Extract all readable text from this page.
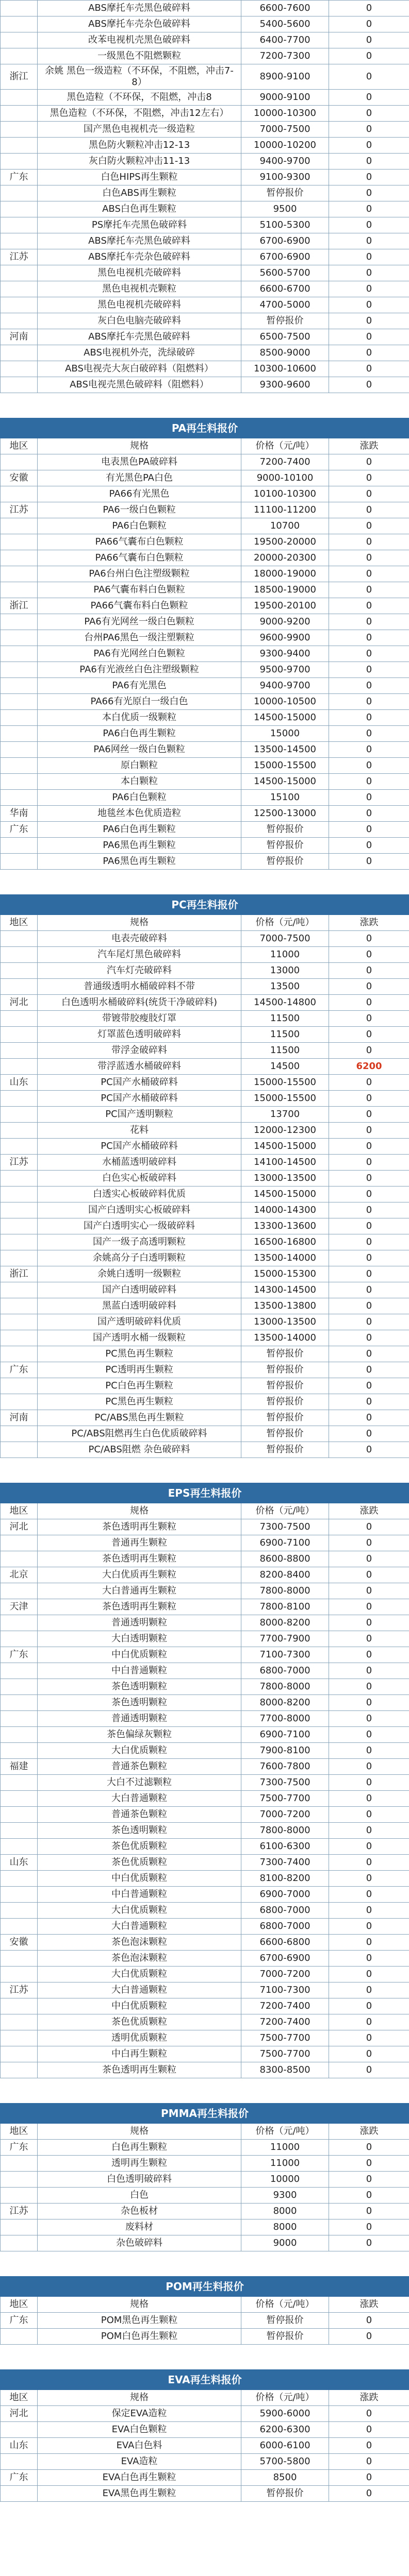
	ABS摩托车壳黑色破碎料	6600-7600	0
	ABS摩托车壳杂色破碎料	5400-5600	0
	改苯电视机壳黑色破碎料	6400-7700	0
	一级黑色不阻燃颗粒	7200-7300	0
浙江	余姚 黑色一级造粒（不环保，不阻燃，冲击7-8）	8900-9100	0
	黑色造粒（不环保，不阻燃，冲击8	9000-9100	0
	黑色造粒（不环保，不阻燃，冲击12左右）	10000-10300	0
	国产黑色电视机壳一级造粒	7000-7500	0
	黑色防火颗粒冲击12-13	10000-10200	0
	灰白防火颗粒冲击11-13	9400-9700	0
广东	白色HIPS再生颗粒	9100-9300	0
	白色ABS再生颗粒	暂停报价	0
	ABS白色再生颗粒	9500	0
	PS摩托车壳黑色破碎料	5100-5300	0
	ABS摩托车壳黑色破碎料	6700-6900	0
江苏	ABS摩托车壳杂色破碎料	6700-6900	0
	黑色电视机壳破碎料	5600-5700	0
	黑色电视机壳颗粒	6600-6700	0
	黑色电视机壳破碎料	4700-5000	0
	灰白色电脑壳破碎料	暂停报价	0
河南	ABS摩托车壳黑色破碎料	6500-7500	0
	ABS电视机外壳，洗绿破碎	8500-9000	0
	ABS电视壳大灰白破碎料（阻燃料）	10300-10600	0
	ABS电视壳黑色破碎料（阻燃料）	9300-9600	0

PA再生料报价			
地区	规格	价格（元/吨）	涨跌
	电表黑色PA破碎料	7200-7400	0
安徽	有光黑色PA白色	9000-10100	0
	PA66有光黑色	10100-10300	0
江苏	PA6一级白色颗粒	11100-11200	0
	PA6白色颗粒	10700	0
	PA66气囊布白色颗粒	19500-20000	0
	PA66气囊布白色颗粒	20000-20300	0
	PA6台州白色注塑级颗粒	18000-19000	0
	PA6气囊布料白色颗粒	18500-19000	0
浙江	PA66气囊布料白色颗粒	19500-20100	0
	PA6有光网丝一级白色颗粒	9000-9200	0
	台州PA6黑色一级注塑颗粒	9600-9900	0
	PA6有光网丝白色颗粒	9300-9400	0
	PA6有光液丝白色注塑级颗粒	9500-9700	0
	PA6有光黑色	9400-9700	0
	PA66有光原白一级白色	10000-10500	0
	本白优质一级颗粒	14500-15000	0
	PA6白色再生颗粒	15000	0
	PA6网丝一级白色颗粒	13500-14500	0
	原白颗粒	15000-15500	0
	本白颗粒	14500-15000	0
	PA6白色颗粒	15100	0
华南	地毯丝本色优质造粒	12500-13000	0
广东	PA6白色再生颗粒	暂停报价	0
	PA6黑色再生颗粒	暂停报价	0
	PA6黑色再生颗粒	暂停报价	0

PC再生料报价			
地区	规格	价格（元/吨）	涨跌
	电表壳破碎料	7000-7500	0
	汽车尾灯黑色破碎料	11000	0
	汽车灯壳破碎料	13000	0
	普通级透明水桶破碎料不带	13500	0
河北	白色透明水桶破碎料(统货干净破碎料)	14500-14800	0
	带镀带胶瘦肢灯罩	11500	0
	灯罩蓝色透明破碎料	11500	0
	带浮金破碎料	11500	0
	带浮蓝透水桶破碎料	14500	6200
山东	PC国产水桶破碎料	15000-15500	0
	PC国产水桶破碎料	15000-15500	0
	PC国产透明颗粒	13700	0
	花料	12000-12300	0
	PC国产水桶破碎料	14500-15000	0
江苏	水桶蓝透明破碎料	14100-14500	0
	白色实心板破碎料	13000-13500	0
	白透实心板破碎料优质	14500-15000	0
	国产白透明实心板破碎料	14000-14300	0
	国产白透明实心一级破碎料	13300-13600	0
	国产一级子高透明颗粒	16500-16800	0
	余姚高分子白透明颗粒	13500-14000	0
浙江	余姚白透明一级颗粒	15000-15300	0
	国产白透明破碎料	14300-14500	0
	黑蓝白透明破碎料	13500-13800	0
	国产透明破碎料优质	13000-13500	0
	国产透明水桶一级颗粒	13500-14000	0
	PC黑色再生颗粒	暂停报价	0
广东	PC透明再生颗粒	暂停报价	0
	PC白色再生颗粒	暂停报价	0
	PC黑色再生颗粒	暂停报价	0
河南	PC/ABS黑色再生颗粒	暂停报价	0
	PC/ABS阻燃再生白色优质破碎料	暂停报价	0
	PC/ABS阻燃 杂色破碎料	暂停报价	0

EPS再生料报价			
地区	规格	价格（元/吨）	涨跌
河北	茶色透明再生颗粒	7300-7500	0
	普通再生颗粒	6900-7100	0
	茶色透明再生颗粒	8600-8800	0
北京	大白优质再生颗粒	8200-8400	0
	大白普通再生颗粒	7800-8000	0
天津	茶色透明再生颗粒	7800-8100	0
	普通透明颗粒	8000-8200	0
	大白透明颗粒	7700-7900	0
广东	中白优质颗粒	7100-7300	0
	中白普通颗粒	6800-7000	0
	茶色透明颗粒	7800-8000	0
	茶色透明颗粒	8000-8200	0
	普通透明颗粒	7700-8000	0
	茶色偏绿灰颗粒	6900-7100	0
	大白优质颗粒	7900-8100	0
福建	普通茶色颗粒	7600-7800	0
	大白不过滤颗粒	7300-7500	0
	大白普通颗粒	7500-7700	0
	普通茶色颗粒	7000-7200	0
	茶色透明颗粒	7800-8000	0
	茶色优质颗粒	6100-6300	0
山东	茶色优质颗粒	7300-7400	0
	中白优质颗粒	8100-8200	0
	中白普通颗粒	6900-7000	0
	大白优质颗粒	6800-7000	0
	大白普通颗粒	6800-7000	0
安徽	茶色泡沫颗粒	6600-6800	0
	茶色泡沫颗粒	6700-6900	0
	大白优质颗粒	7000-7200	0
江苏	大白普通颗粒	7100-7300	0
	中白优质颗粒	7200-7400	0
	茶色优质颗粒	7200-7400	0
	透明优质颗粒	7500-7700	0
	中白再生颗粒	7500-7700	0
	茶色透明再生颗粒	8300-8500	0

PMMA再生料报价			
地区	规格	价格（元/吨）	涨跌
广东	白色再生颗粒	11000	0
	透明再生颗粒	11000	0
	白色透明破碎料	10000	0
	白色	9300	0
江苏	杂色板材	8000	0
	废料材	8000	0
	杂色破碎料	9000	0

POM再生料报价			
地区	规格	价格（元/吨）	涨跌
广东	POM黑色再生颗粒	暂停报价	0
	POM白色再生颗粒	暂停报价	0

EVA再生料报价			
地区	规格	价格（元/吨）	涨跌
河北	保定EVA造粒	5900-6000	0
	EVA白色颗粒	6200-6300	0
山东	EVA白色料	6000-6100	0
	EVA造粒	5700-5800	0
广东	EVA白色再生颗粒	8500	0
	EVA黑色再生颗粒	暂停报价	0
